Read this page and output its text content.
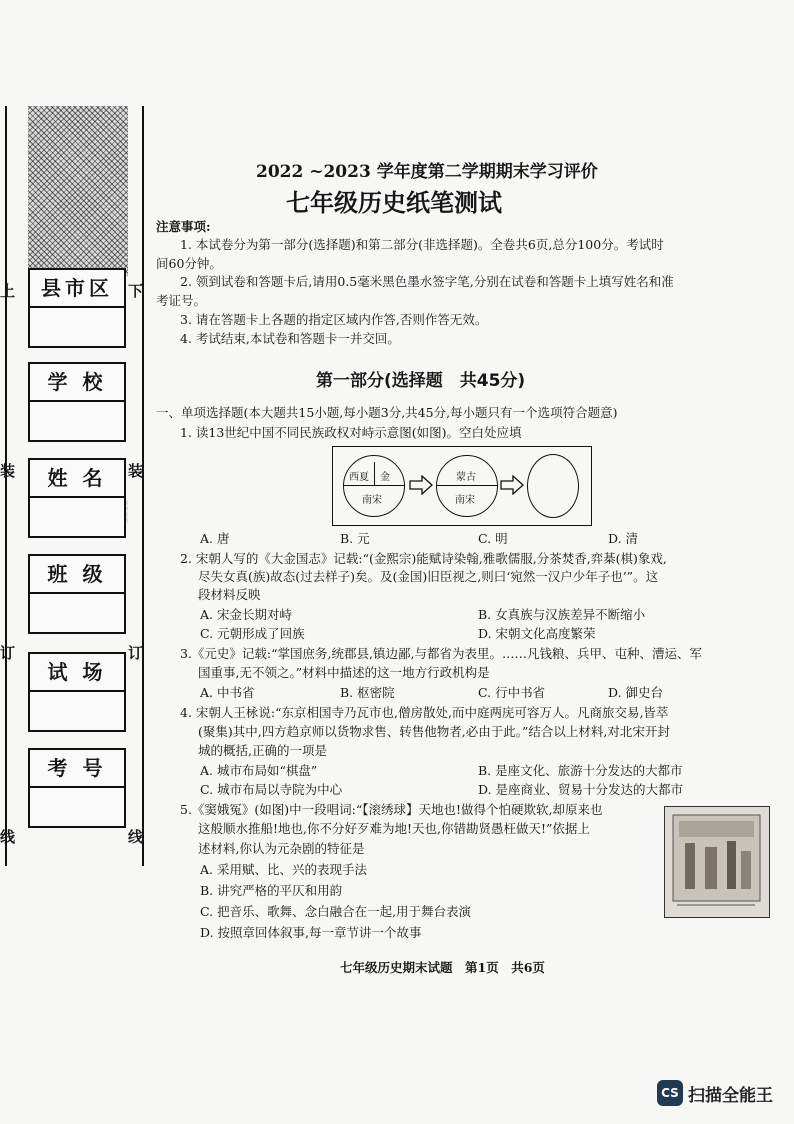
上
装
订
线
下
装
订
线
县市区
学 校
姓 名
班 级
试 场
考 号
2022 ~2023 学年度第二学期期末学习评价
七年级历史纸笔测试
注意事项:
1. 本试卷分为第一部分(选择题)和第二部分(非选择题)。全卷共6页,总分100分。考试时
间60分钟。
2. 领到试卷和答题卡后,请用0.5毫米黑色墨水签字笔,分别在试卷和答题卡上填写姓名和准
考证号。
3. 请在答题卡上各题的指定区域内作答,否则作答无效。
4. 考试结束,本试卷和答题卡一并交回。
第一部分(选择题　共45分)
一、单项选择题(本大题共15小题,每小题3分,共45分,每小题只有一个选项符合题意)
1. 读13世纪中国不同民族政权对峙示意图(如图)。空白处应填
西夏 金
南宋
蒙古
南宋
A. 唐	B. 元	C. 明	D. 清
2. 宋朝人写的《大金国志》记载:“(金熙宗)能赋诗染翰,雅歌儒服,分茶焚香,弈棊(棋)象戏,
尽失女真(族)故态(过去样子)矣。及(金国)旧臣视之,则曰‘宛然一汉户少年子也’”。这
段材料反映
A. 宋金长期对峙	B. 女真族与汉族差异不断缩小
C. 元朝形成了回族	D. 宋朝文化高度繁荣
3.《元史》记载:“掌国庶务,统郡县,镇边鄙,与都省为表里。……凡钱粮、兵甲、屯种、漕运、军
国重事,无不领之。”材料中描述的这一地方行政机构是
A. 中书省	B. 枢密院	C. 行中书省	D. 御史台
4. 宋朝人王栐说:“东京相国寺乃瓦市也,僧房散处,而中庭两庑可容万人。凡商旅交易,皆萃
(聚集)其中,四方趋京师以货物求售、转售他物者,必由于此。”结合以上材料,对北宋开封
城的概括,正确的一项是
A. 城市布局如“棋盘”	B. 是座文化、旅游十分发达的大都市
C. 城市布局以寺院为中心	D. 是座商业、贸易十分发达的大都市
5.《窦娥冤》(如图)中一段唱词:“【滚绣球】天地也!做得个怕硬欺软,却原来也
这般顺水推船!地也,你不分好歹难为地!天也,你错勘贤愚枉做天!”依据上
述材料,你认为元杂剧的特征是
A. 采用赋、比、兴的表现手法
B. 讲究严格的平仄和用韵
C. 把音乐、歌舞、念白融合在一起,用于舞台表演
D. 按照章回体叙事,每一章节讲一个故事
七年级历史期末试题　第1页　共6页
CS 扫描全能王
